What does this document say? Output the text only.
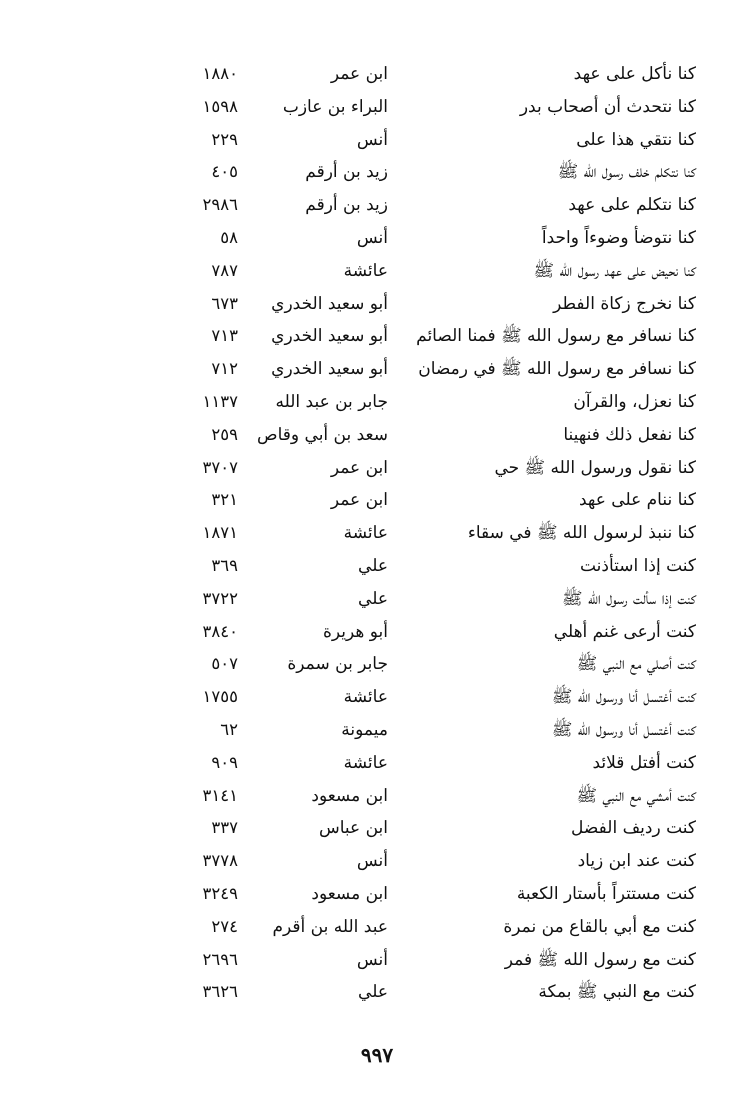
كنا نأكل على عهد
ابن عمر
١٨٨٠
كنا نتحدث أن أصحاب بدر
البراء بن عازب
١٥٩٨
كنا نتقي هذا على
أنس
٢٢٩
كنا نتكلم خلف رسول الله ﷺ
زيد بن أرقم
٤٠٥
كنا نتكلم على عهد
زيد بن أرقم
٢٩٨٦
كنا نتوضأ وضوءاً واحداً
أنس
٥٨
كنا نحيض على عهد رسول الله ﷺ
عائشة
٧٨٧
كنا نخرج زكاة الفطر
أبو سعيد الخدري
٦٧٣
كنا نسافر مع رسول الله ﷺ فمنا الصائم
أبو سعيد الخدري
٧١٣
كنا نسافر مع رسول الله ﷺ في رمضان
أبو سعيد الخدري
٧١٢
كنا نعزل، والقرآن
جابر بن عبد الله
١١٣٧
كنا نفعل ذلك فنهينا
سعد بن أبي وقاص
٢٥٩
كنا نقول ورسول الله ﷺ حي
ابن عمر
٣٧٠٧
كنا ننام على عهد
ابن عمر
٣٢١
كنا ننبذ لرسول الله ﷺ في سقاء
عائشة
١٨٧١
كنت إذا استأذنت
علي
٣٦٩
كنت إذا سألت رسول الله ﷺ
علي
٣٧٢٢
كنت أرعى غنم أهلي
أبو هريرة
٣٨٤٠
كنت أصلي مع النبي ﷺ
جابر بن سمرة
٥٠٧
كنت أغتسل أنا ورسول الله ﷺ
عائشة
١٧٥٥
كنت أغتسل أنا ورسول الله ﷺ
ميمونة
٦٢
كنت أفتل قلائد
عائشة
٩٠٩
كنت أمشي مع النبي ﷺ
ابن مسعود
٣١٤١
كنت رديف الفضل
ابن عباس
٣٣٧
كنت عند ابن زياد
أنس
٣٧٧٨
كنت مستتراً بأستار الكعبة
ابن مسعود
٣٢٤٩
كنت مع أبي بالقاع من نمرة
عبد الله بن أقرم
٢٧٤
كنت مع رسول الله ﷺ فمر
أنس
٢٦٩٦
كنت مع النبي ﷺ بمكة
علي
٣٦٢٦
٩٩٧
